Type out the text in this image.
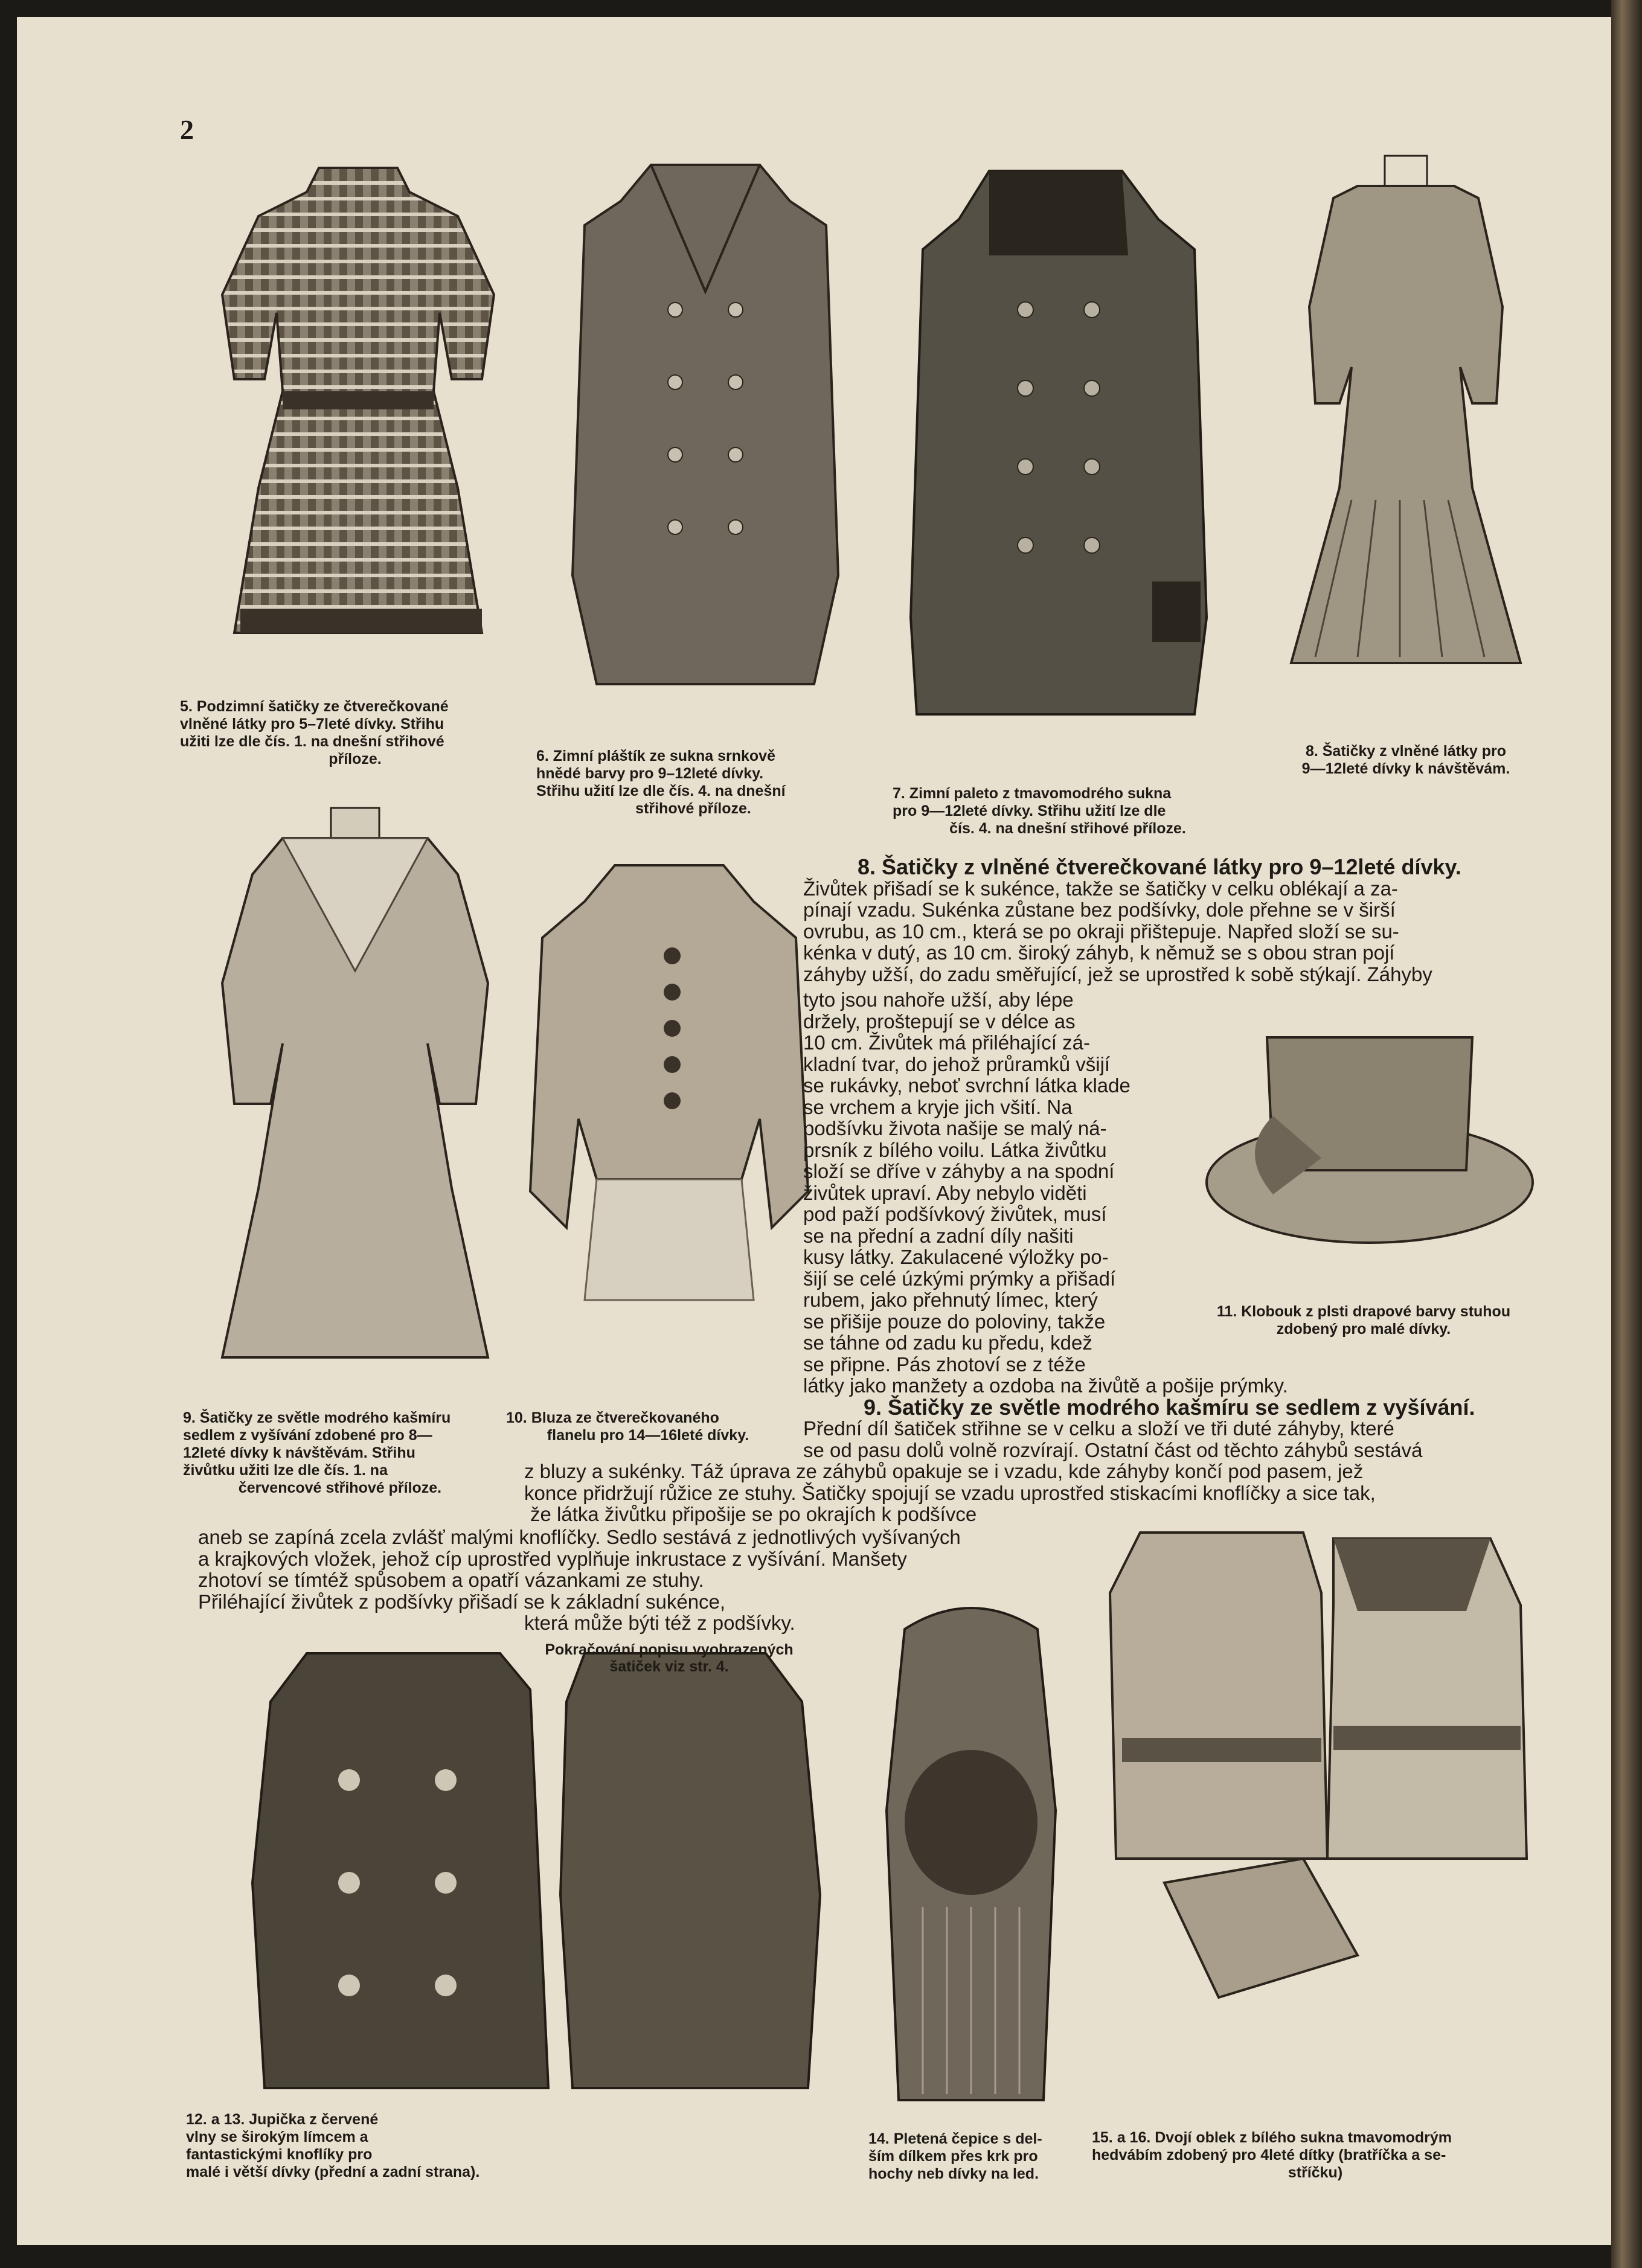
2
5. Podzimní šatičky ze čtverečkované
vlněné látky pro 5–7leté dívky. Střihu
užiti lze dle čís. 1. na dnešní střihové
příloze.	6. Zimní pláštík ze sukna srnkově
hnědé barvy pro 9–12leté dívky.
Střihu užití lze dle čís. 4. na dnešní
střihové příloze.
7. Zimní paleto z tmavomodrého sukna
pro 9—12leté dívky. Střihu užití lze dle
čís. 4. na dnešní střihové příloze.
8. Šatičky z vlněné látky pro
9—12leté dívky k návštěvám.
9. Šatičky ze světle modrého kašmíru
sedlem z vyšívání zdobené pro 8—
12leté dívky k návštěvám. Střihu
živůtku užiti lze dle čís. 1. na
červencové střihové příloze.
10. Bluza ze čtverečkovaného
flanelu pro 14—16leté dívky.
11. Klobouk z plsti drapové barvy stuhou
zdobený pro malé dívky.
12. a 13. Jupička z červené
vlny se širokým límcem a
fantastickými knoflíky pro
malé i větší dívky (přední a zadní strana).
14. Pletená čepice s del-
ším dílkem přes krk pro
hochy neb dívky na led.
15. a 16. Dvojí oblek z bílého sukna tmavomodrým
hedvábím zdobený pro 4leté dítky (bratříčka a se-
stříčku)
8. Šatičky z vlněné čtverečkované látky pro 9–12leté dívky.
Živůtek přišadí se k sukénce, takže se šatičky v celku oblékají a za-
pínají vzadu. Sukénka zůstane bez podšívky, dole přehne se v širší
ovrubu, as 10 cm., která se po okraji přištepuje. Napřed složí se su-
kénka v dutý, as 10 cm. široký záhyb, k němuž se s obou stran pojí
záhyby užší, do zadu směřující, jež se uprostřed k sobě stýkají. Záhyby
tyto jsou nahoře užší, aby lépe
držely, proštepují se v délce as
10 cm. Živůtek má přiléhající zá-
kladní tvar, do jehož průramků všijí
se rukávky, neboť svrchní látka klade
se vrchem a kryje jich všití. Na
podšívku života našije se malý ná-
prsník z bílého voilu. Látka živůtku
složí se dříve v záhyby a na spodní
živůtek upraví. Aby nebylo viděti
pod paží podšívkový živůtek, musí
se na přední a zadní díly našiti
kusy látky. Zakulacené výložky po-
šijí se celé úzkými prýmky a přišadí
rubem, jako přehnutý límec, který
se přišije pouze do poloviny, takže
se táhne od zadu ku předu, kdež
se připne. Pás zhotoví se z téže
látky jako manžety a ozdoba na živůtě a pošije prýmky.
9. Šatičky ze světle modrého kašmíru se sedlem z vyšívání.
Přední díl šatiček střihne se v celku a složí ve tři duté záhyby, které
se od pasu dolů volně rozvírají. Ostatní část od těchto záhybů sestává
z bluzy a sukénky. Táž úprava ze záhybů opakuje se i vzadu, kde záhyby končí pod pasem, jež
konce přidržují růžice ze stuhy. Šatičky spojují se vzadu uprostřed stiskacími knoflíčky a sice tak,
že látka živůtku připošije se po okrajích k podšívce
aneb se zapíná zcela zvlášť malými knoflíčky. Sedlo sestává z jednotlivých vyšívaných
a krajkových vložek, jehož cíp uprostřed vyplňuje inkrustace z vyšívání. Manšety
zhotoví se tímtéž spůsobem a opatří vázankami ze stuhy.
Přiléhající živůtek z podšívky přišadí se k základní sukénce,
která může býti též z podšívky.
Pokračování popisu vyobrazených
šatiček viz str. 4.
